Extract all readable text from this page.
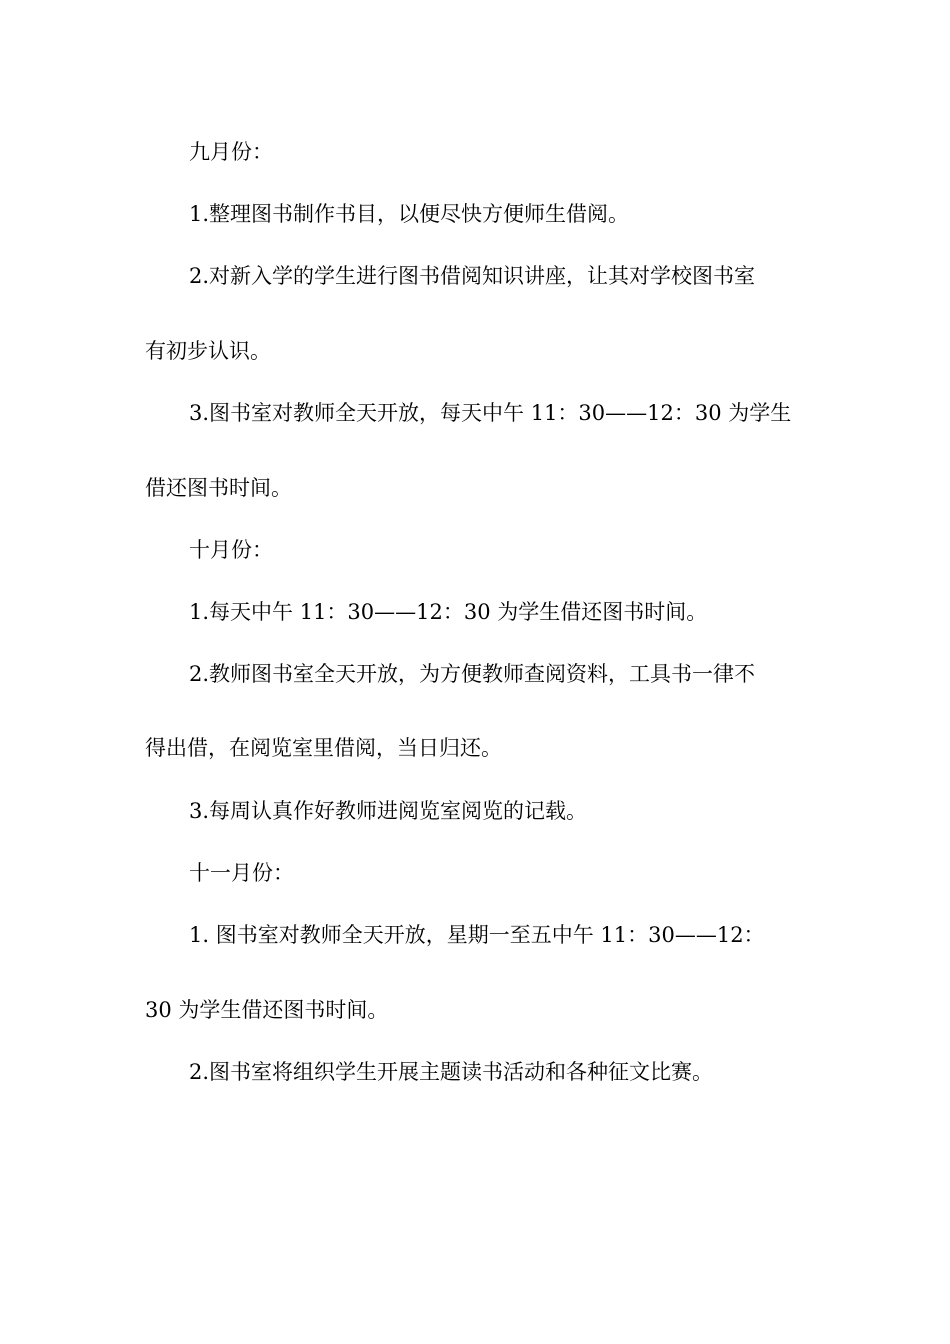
九月份：
1.整理图书制作书目，以便尽快方便师生借阅。
2.对新入学的学生进行图书借阅知识讲座，让其对学校图书室
有初步认识。
3.图书室对教师全天开放，每天中午 11：30——12：30 为学生
借还图书时间。
十月份：
1.每天中午 11：30——12：30 为学生借还图书时间。
2.教师图书室全天开放，为方便教师查阅资料，工具书一律不
得出借，在阅览室里借阅，当日归还。
3.每周认真作好教师进阅览室阅览的记载。
十一月份：
1. 图书室对教师全天开放，星期一至五中午 11：30——12：
30 为学生借还图书时间。
2.图书室将组织学生开展主题读书活动和各种征文比赛。
